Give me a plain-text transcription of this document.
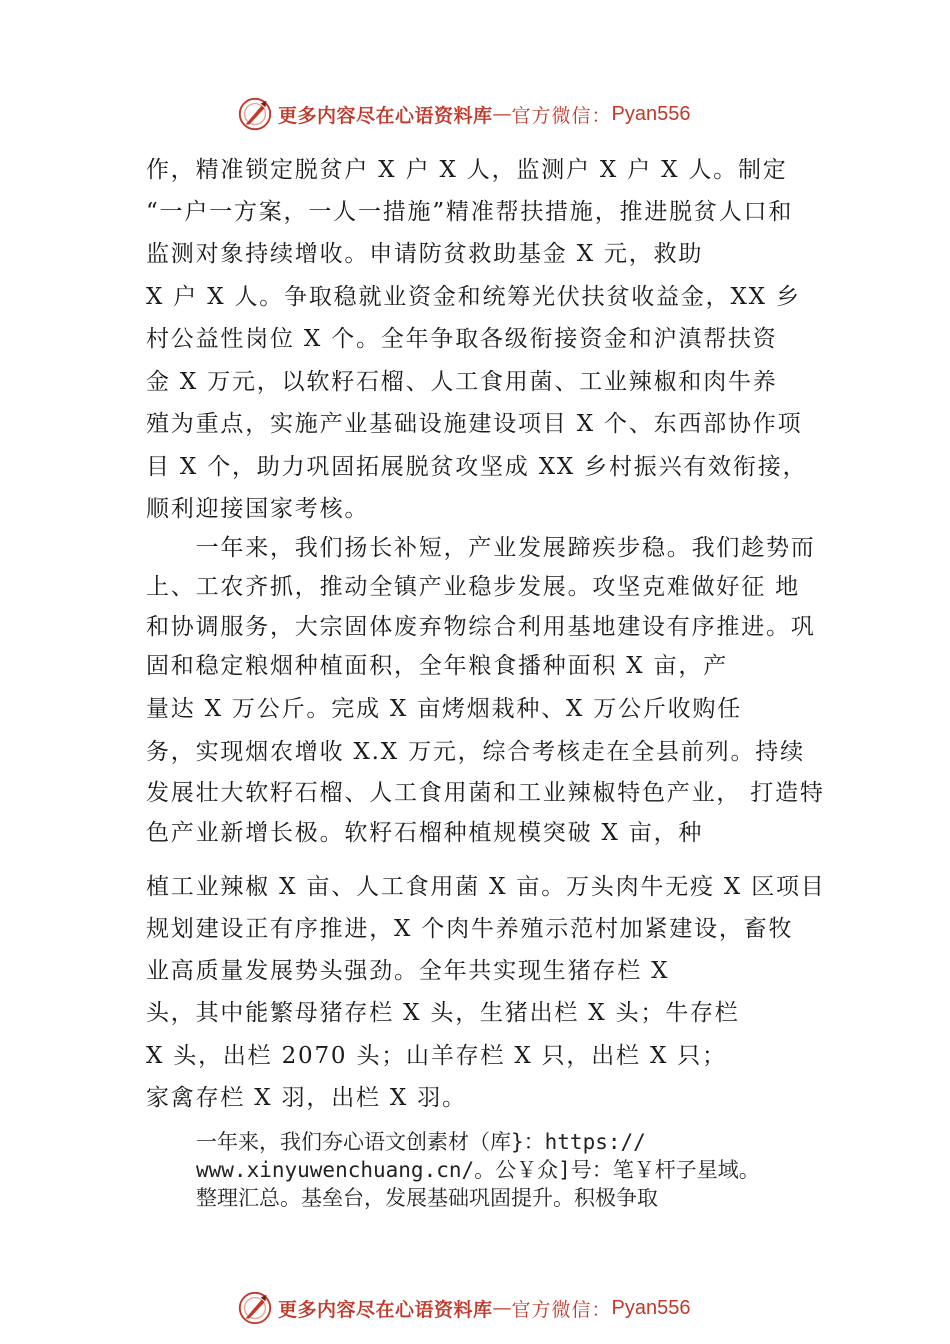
更多内容尽在心语资料库 — 官方微信： Pyan556
作，精准锁定脱贫户 X 户 X 人，监测户 X 户 X 人。制定
“一户一方案，一人一措施”精准帮扶措施，推进脱贫人口和
监测对象持续增收。申请防贫救助基金 X 元，救助
X 户 X 人。争取稳就业资金和统筹光伏扶贫收益金，XX 乡
村公益性岗位 X 个。全年争取各级衔接资金和沪滇帮扶资
金 X 万元，以软籽石榴、人工食用菌、工业辣椒和肉牛养
殖为重点，实施产业基础设施建设项目 X 个、东西部协作项
目 X 个，助力巩固拓展脱贫攻坚成 XX 乡村振兴有效衔接，
顺利迎接国家考核。
　　一年来，我们扬长补短，产业发展蹄疾步稳。我们趁势而
上、工农齐抓，推动全镇产业稳步发展。攻坚克难做好征 地
和协调服务，大宗固体废弃物综合利用基地建设有序推进。巩
固和稳定粮烟种植面积，全年粮食播种面积 X 亩，产
量达 X 万公斤。完成 X 亩烤烟栽种、X 万公斤收购任
务，实现烟农增收 X.X 万元，综合考核走在全县前列。持续
发展壮大软籽石榴、人工食用菌和工业辣椒特色产业， 打造特
色产业新增长极。软籽石榴种植规模突破 X 亩，种
植工业辣椒 X 亩、人工食用菌 X 亩。万头肉牛无疫 X 区项目
规划建设正有序推进，X 个肉牛养殖示范村加紧建设，畜牧
业高质量发展势头强劲。全年共实现生猪存栏 X
头，其中能繁母猪存栏 X 头，生猪出栏 X 头；牛存栏
X 头，出栏 2070 头；山羊存栏 X 只，出栏 X 只；
家禽存栏 X 羽，出栏 X 羽。
一年来，我们夯心语文创素材（库}：https://
www.xinyuwenchuang.cn/。公￥众]号：笔￥杆子星域。
整理汇总。基垒台，发展基础巩固提升。积极争取
更多内容尽在心语资料库 — 官方微信： Pyan556
